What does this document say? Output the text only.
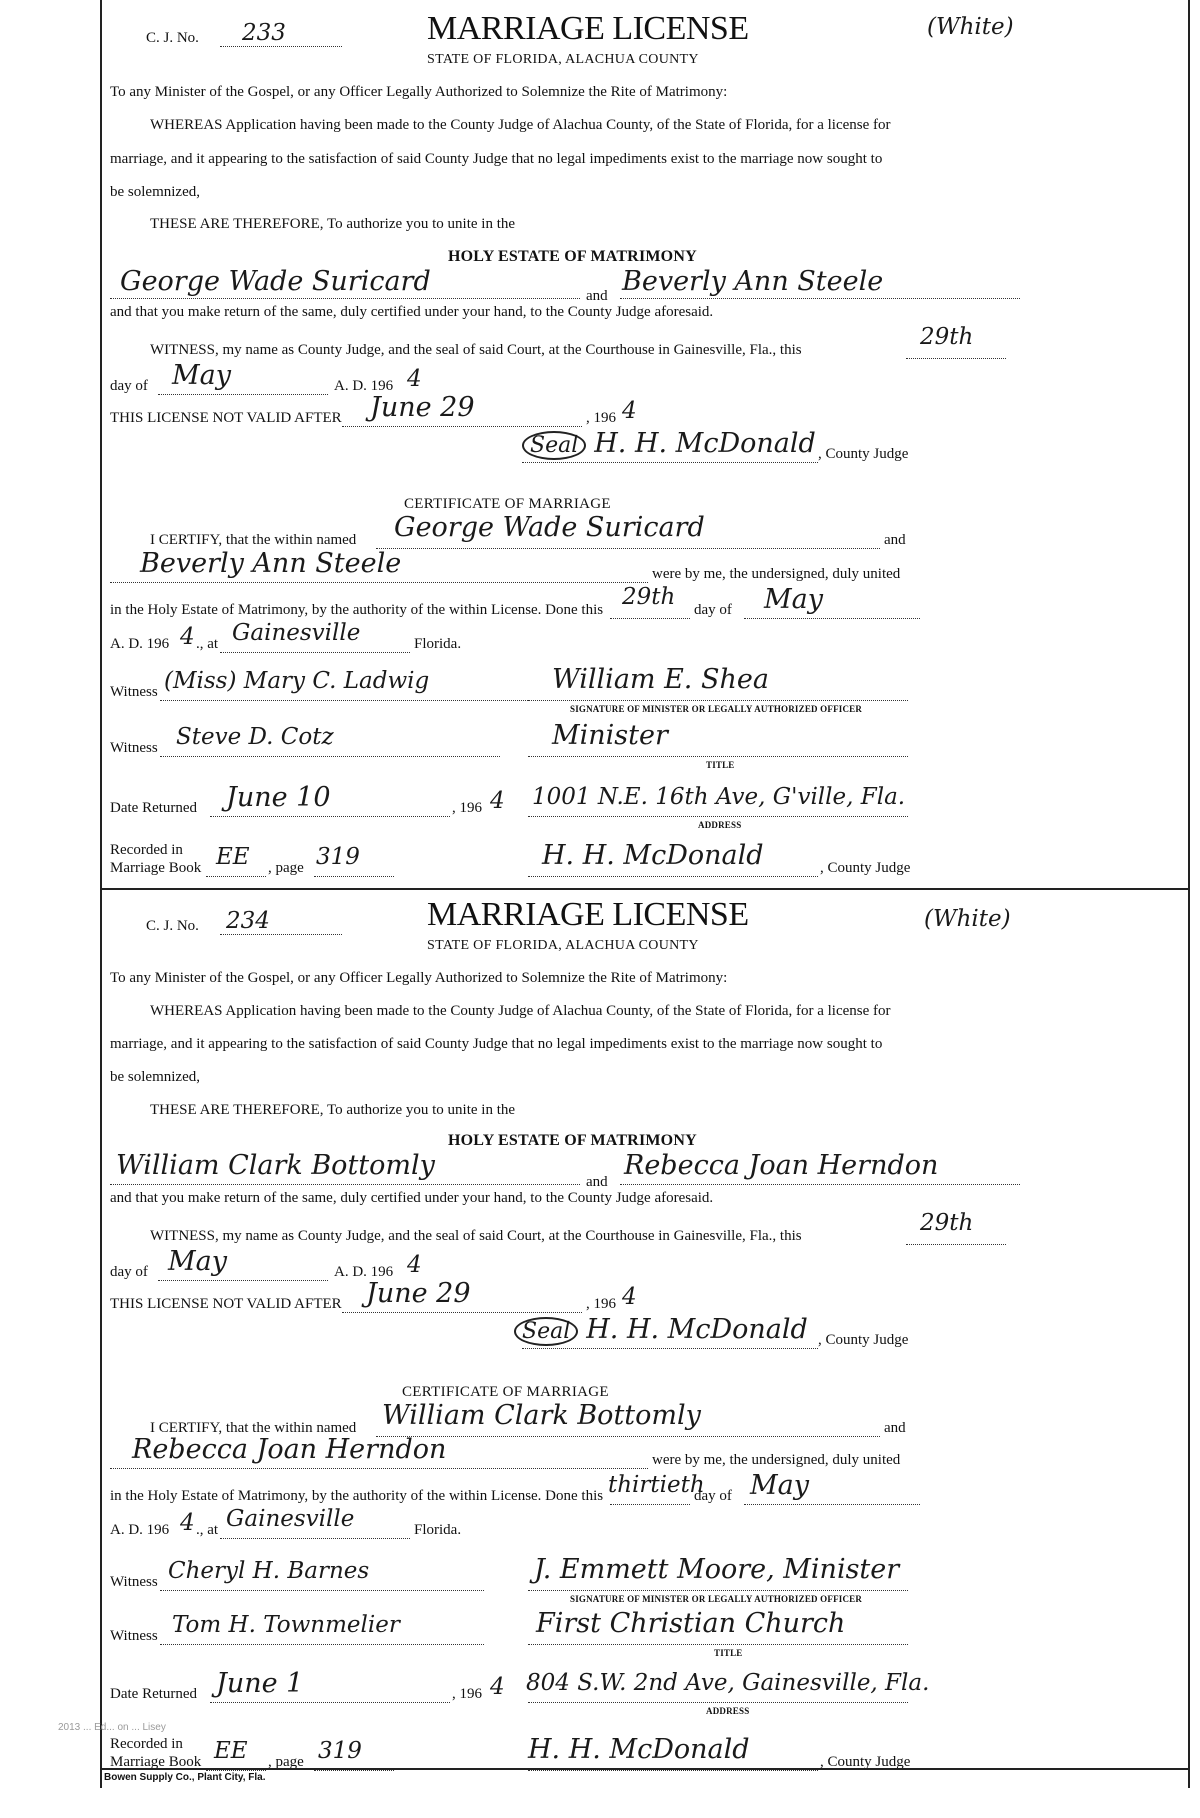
C. J. No. 233	MARRIAGE LICENSE	(White)
STATE OF FLORIDA, ALACHUA COUNTY
To any Minister of the Gospel, or any Officer Legally Authorized to Solemnize the Rite of Matrimony:
WHEREAS Application having been made to the County Judge of Alachua County, of the State of Florida, for a license for
marriage, and it appearing to the satisfaction of said County Judge that no legal impediments exist to the marriage now sought to
be solemnized,
THESE ARE THEREFORE, To authorize you to unite in the
HOLY ESTATE OF MATRIMONY
George Wade Suricard	and Beverly Ann Steele
and that you make return of the same, duly certified under your hand, to the County Judge aforesaid.
WITNESS, my name as County Judge, and the seal of said Court, at the Courthouse in Gainesville, Fla., this	29th
day of May	A. D. 196 4
THIS LICENSE NOT VALID AFTER June 29	, 196 4
Seal H. H. McDonald , County Judge
CERTIFICATE OF MARRIAGE
I CERTIFY, that the within named George Wade Suricard	and
Beverly Ann Steele	were by me, the undersigned, duly united
in the Holy Estate of Matrimony, by the authority of the within License. Done this 29th day of May
A. D. 196 4 ., at Gainesville	Florida.
Witness (Miss) Mary C. Ladwig	William E. Shea
SIGNATURE OF MINISTER OR LEGALLY AUTHORIZED OFFICER
Witness Steve D. Cotz	Minister
TITLE
Date Returned June 10	, 196 4 1001 N.E. 16th Ave, G'ville, Fla.
ADDRESS
Recorded in
Marriage Book EE , page 319	H. H. McDonald	, County Judge
C. J. No. 234	MARRIAGE LICENSE	(White)
STATE OF FLORIDA, ALACHUA COUNTY
To any Minister of the Gospel, or any Officer Legally Authorized to Solemnize the Rite of Matrimony:
WHEREAS Application having been made to the County Judge of Alachua County, of the State of Florida, for a license for
marriage, and it appearing to the satisfaction of said County Judge that no legal impediments exist to the marriage now sought to
be solemnized,
THESE ARE THEREFORE, To authorize you to unite in the
HOLY ESTATE OF MATRIMONY
William Clark Bottomly
and
Rebecca Joan Herndon
and that you make return of the same, duly certified under your hand, to the County Judge aforesaid.
WITNESS, my name as County Judge, and the seal of said Court, at the Courthouse in Gainesville, Fla., this	29th
day of May	A. D. 196 4
THIS LICENSE NOT VALID AFTER June 29	, 196 4
Seal H. H. McDonald , County Judge
CERTIFICATE OF MARRIAGE
I CERTIFY, that the within named William Clark Bottomly	and
Rebecca Joan Herndon	were by me, the undersigned, duly united
in the Holy Estate of Matrimony, by the authority of the within License. Done this thirtieth
day of May
A. D. 196 4 ., at Gainesville	Florida.
Witness Cheryl H. Barnes	J. Emmett Moore, Minister
SIGNATURE OF MINISTER OR LEGALLY AUTHORIZED OFFICER
Witness Tom H. Townmelier	First Christian Church
TITLE
Date Returned June 1	, 196 4 804 S.W. 2nd Ave, Gainesville, Fla.
ADDRESS
Recorded in
Marriage Book EE , page 319	H. H. McDonald	, County Judge
Bowen Supply Co., Plant City, Fla.
2013 ... Ed... on ... Lisey
